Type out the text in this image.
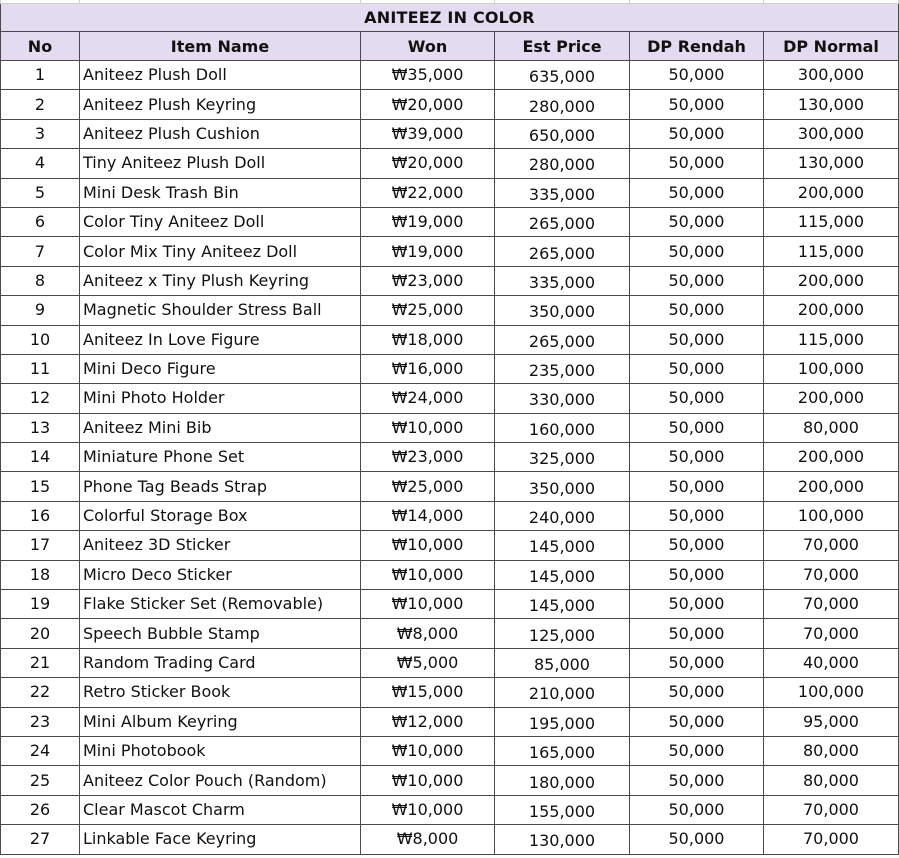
ANITEEZ IN COLOR					
No	Item Name	Won	Est Price	DP Rendah	DP Normal
1	Aniteez Plush Doll	₩35,000	635,000	50,000	300,000
2	Aniteez Plush Keyring	₩20,000	280,000	50,000	130,000
3	Aniteez Plush Cushion	₩39,000	650,000	50,000	300,000
4	Tiny Aniteez Plush Doll	₩20,000	280,000	50,000	130,000
5	Mini Desk Trash Bin	₩22,000	335,000	50,000	200,000
6	Color Tiny Aniteez Doll	₩19,000	265,000	50,000	115,000
7	Color Mix Tiny Aniteez Doll	₩19,000	265,000	50,000	115,000
8	Aniteez x Tiny Plush Keyring	₩23,000	335,000	50,000	200,000
9	Magnetic Shoulder Stress Ball	₩25,000	350,000	50,000	200,000
10	Aniteez In Love Figure	₩18,000	265,000	50,000	115,000
11	Mini Deco Figure	₩16,000	235,000	50,000	100,000
12	Mini Photo Holder	₩24,000	330,000	50,000	200,000
13	Aniteez Mini Bib	₩10,000	160,000	50,000	80,000
14	Miniature Phone Set	₩23,000	325,000	50,000	200,000
15	Phone Tag Beads Strap	₩25,000	350,000	50,000	200,000
16	Colorful Storage Box	₩14,000	240,000	50,000	100,000
17	Aniteez 3D Sticker	₩10,000	145,000	50,000	70,000
18	Micro Deco Sticker	₩10,000	145,000	50,000	70,000
19	Flake Sticker Set (Removable)	₩10,000	145,000	50,000	70,000
20	Speech Bubble Stamp	₩8,000	125,000	50,000	70,000
21	Random Trading Card	₩5,000	85,000	50,000	40,000
22	Retro Sticker Book	₩15,000	210,000	50,000	100,000
23	Mini Album Keyring	₩12,000	195,000	50,000	95,000
24	Mini Photobook	₩10,000	165,000	50,000	80,000
25	Aniteez Color Pouch (Random)	₩10,000	180,000	50,000	80,000
26	Clear Mascot Charm	₩10,000	155,000	50,000	70,000
27	Linkable Face Keyring	₩8,000	130,000	50,000	70,000
